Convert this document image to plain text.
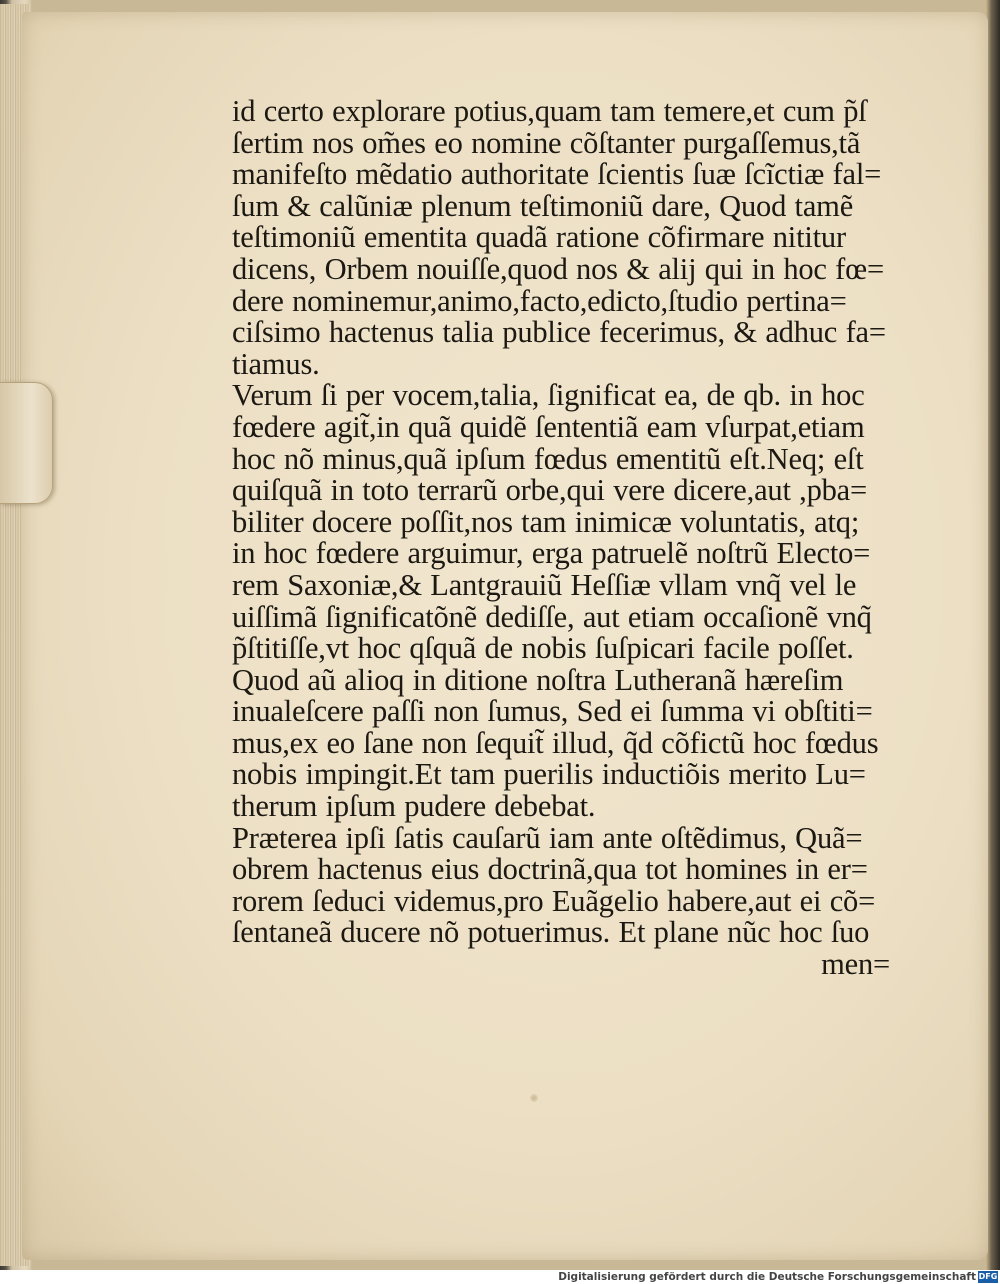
id certo explorare potius,quam tam temere,et cum p̃ſ
ſertim nos om̃es eo nomine cõſtanter purgaſſemus,tã
manifeſto mẽdatio authoritate ſcientis ſuæ ſcĩctiæ fal=
ſum & calũniæ plenum teſtimoniũ dare, Quod tamẽ
teſtimoniũ ementita quadã ratione cõfirmare nititur
dicens, Orbem nouiſſe,quod nos & alij qui in hoc fœ=
dere nominemur,animo,facto,edicto,ſtudio pertina=
ciſsimo hactenus talia publice fecerimus, & adhuc fa=
tiamus.
Verum ſi per vocem,talia, ſignificat ea, de qb. in hoc
fœdere agit̃,in quã quidẽ ſententiã eam vſurpat,etiam
hoc nõ minus,quã ipſum fœdus ementitũ eſt.Neq; eſt
quiſquã in toto terrarũ orbe,qui vere dicere,aut ,pba=
biliter docere poſſit,nos tam inimicæ voluntatis, atq;
in hoc fœdere arguimur, erga patruelẽ noſtrũ Electo=
rem Saxoniæ,& Lantgrauiũ Heſſiæ vllam vnq̃ vel le
uiſſimã ſignificatõnẽ dediſſe, aut etiam occaſionẽ vnq̃
p̃ſtitiſſe,vt hoc qſquã de nobis ſuſpicari facile poſſet.
Quod aũ alioq in ditione noſtra Lutheranã hæreſim
inualeſcere paſſi non ſumus, Sed ei ſumma vi obſtiti=
mus,ex eo ſane non ſequit̃ illud, q̃d cõfictũ hoc fœdus
nobis impingit.Et tam puerilis inductiõis merito Lu=
therum ipſum pudere debebat.
Præterea ipſi ſatis cauſarũ iam ante oſtẽdimus, Quã=
obrem hactenus eius doctrinã,qua tot homines in er=
rorem ſeduci videmus,pro Euãgelio habere,aut ei cõ=
ſentaneã ducere nõ potuerimus. Et plane nũc hoc ſuo
men=
Digitalisierung gefördert durch die Deutsche Forschungsgemeinschaft DFG
